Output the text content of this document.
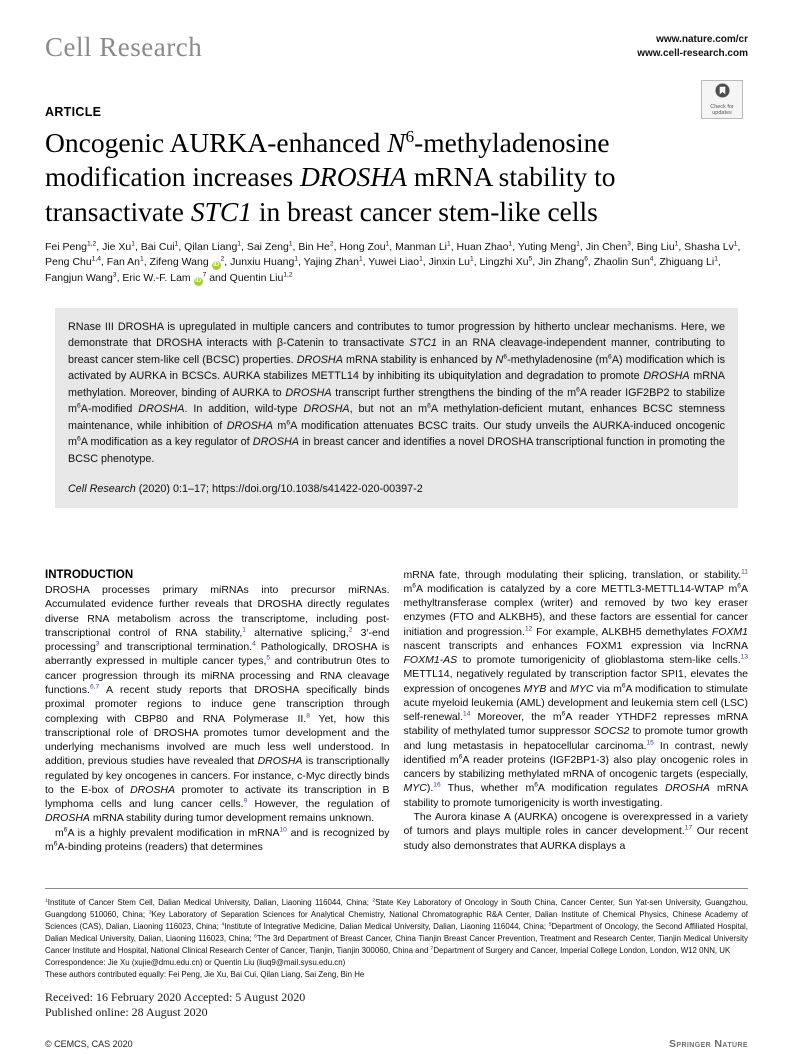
Cell Research	www.nature.com/cr
www.cell-research.com
Check for updates
ARTICLE
Oncogenic AURKA-enhanced $N^6$-methyladenosine
modification increases DROSHA mRNA stability to
transactivate STC1 in breast cancer stem-like cells

Fei Peng$^{1,2}$, Jie Xu$^1$, Bai Cui$^1$, Qilan Liang$^1$, Sai Zeng$^1$, Bin He$^2$, Hong Zou$^1$, Manman Li$^1$, Huan Zhao$^1$, Yuting Meng$^1$, Jin Chen$^3$, Bing Liu$^1$, Shasha Lv$^1$, Peng Chu$^{1,4}$, Fan An$^1$, Zifeng Wang $iD^2$, Junxiu Huang$^1$, Yajing Zhan$^1$, Yuwei Liao$^1$, Jinxin Lu$^1$, Lingzhi Xu$^5$, Jin Zhang$^6$, Zhaolin Sun$^4$, Zhiguang Li$^1$, Fangjun Wang$^3$, Eric W.-F. Lam $iD^7$ and Quentin Liu$^{1,2}$

RNase III DROSHA is upregulated in multiple cancers and contributes to tumor progression by hitherto unclear mechanisms. Here, we demonstrate that DROSHA interacts with β-Catenin to transactivate STC1 in an RNA cleavage-independent manner, contributing to breast cancer stem-like cell (BCSC) properties. DROSHA mRNA stability is enhanced by $N^6$-methyladenosine $(m^6A)$ modification which is activated by AURKA in BCSCs. AURKA stabilizes METTL14 by inhibiting its ubiquitylation and degradation to promote DROSHA mRNA methylation. Moreover, binding of AURKA to DROSHA transcript further strengthens the binding of the $m^6A$ reader IGF2BP2 to stabilize $m^6A$-modified DROSHA. In addition, wild-type DROSHA, but not an $m^6A$ methylation-deficient mutant, enhances BCSC stemness maintenance, while inhibition of DROSHA $m^6A$ modification attenuates BCSC traits. Our study unveils the AURKA-induced oncogenic $m^6A$ modification as a key regulator of DROSHA in breast cancer and identifies a novel DROSHA transcriptional function in promoting the BCSC phenotype.

Cell Research (2020) 0:1–17; https://doi.org/10.1038/s41422-020-00397-2

INTRODUCTION

DROSHA processes primary miRNAs into precursor miRNAs. Accumulated evidence further reveals that DROSHA directly regulates diverse RNA metabolism across the transcriptome, including post-transcriptional control of RNA stability,$^1$ alternative splicing,$^2$ 3′-end processing$^3$ and transcriptional termination.$^4$ Pathologically, DROSHA is aberrantly expressed in multiple cancer types,$^5$ and contributrun 0tes to cancer progression through its miRNA processing and RNA cleavage functions.$^{6,7}$ A recent study reports that DROSHA specifically binds proximal promoter regions to induce gene transcription through complexing with CBP80 and RNA Polymerase II.$^8$ Yet, how this transcriptional role of DROSHA promotes tumor development and the underlying mechanisms involved are much less well understood. In addition, previous studies have revealed that DROSHA is transcriptionally regulated by key oncogenes in cancers. For instance, c-Myc directly binds to the E-box of DROSHA promoter to activate its transcription in B lymphoma cells and lung cancer cells.$^9$ However, the regulation of DROSHA mRNA stability during tumor development remains unknown.

$m^6A$ is a highly prevalent modification in mRNA$^{10}$ and is recognized by $m^6A$-binding proteins (readers) that determines

mRNA fate, through modulating their splicing, translation, or stability.$^{11}$ $m^6A$ modification is catalyzed by a core METTL3-METTL14-WTAP $m^6A$ methyltransferase complex (writer) and removed by two key eraser enzymes (FTO and ALKBH5), and these factors are essential for cancer initiation and progression.$^{12}$ For example, ALKBH5 demethylates FOXM1 nascent transcripts and enhances FOXM1 expression via lncRNA FOXM1-AS to promote tumorigenicity of glioblastoma stem-like cells.$^{13}$ METTL14, negatively regulated by transcription factor SPI1, elevates the expression of oncogenes MYB and MYC via $m^6A$ modification to stimulate acute myeloid leukemia (AML) development and leukemia stem cell (LSC) self-renewal.$^{14}$ Moreover, the $m^6A$ reader YTHDF2 represses mRNA stability of methylated tumor suppressor SOCS2 to promote tumor growth and lung metastasis in hepatocellular carcinoma.$^{15}$ In contrast, newly identified $m^6A$ reader proteins (IGF2BP1-3) also play oncogenic roles in cancers by stabilizing methylated mRNA of oncogenic targets (especially, MYC).$^{16}$ Thus, whether $m^6A$ modification regulates DROSHA mRNA stability to promote tumorigenicity is worth investigating.

The Aurora kinase A (AURKA) oncogene is overexpressed in a variety of tumors and plays multiple roles in cancer development.$^{17}$ Our recent study also demonstrates that AURKA displays a

$^1$Institute of Cancer Stem Cell, Dalian Medical University, Dalian, Liaoning 116044, China; $^2$State Key Laboratory of Oncology in South China, Cancer Center, Sun Yat-sen University, Guangzhou, Guangdong 510060, China; $^3$Key Laboratory of Separation Sciences for Analytical Chemistry, National Chromatographic R&A Center, Dalian Institute of Chemical Physics, Chinese Academy of Sciences (CAS), Dalian, Liaoning 116023, China; $^4$Institute of Integrative Medicine, Dalian Medical University, Dalian, Liaoning 116044, China; $^5$Department of Oncology, the Second Affiliated Hospital, Dalian Medical University, Dalian, Liaoning 116023, China; $^6$The 3rd Department of Breast Cancer, China Tianjin Breast Cancer Prevention, Treatment and Research Center, Tianjin Medical University Cancer Institute and Hospital, National Clinical Research Center of Cancer, Tianjin, Tianjin 300060, China and $^7$Department of Surgery and Cancer, Imperial College London, London, W12 0NN, UK

Correspondence: Jie Xu (xujie@dmu.edu.cn) or Quentin Liu (liuq9@mail.sysu.edu.cn)

These authors contributed equally: Fei Peng, Jie Xu, Bai Cui, Qilan Liang, Sai Zeng, Bin He

Received: 16 February 2020 Accepted: 5 August 2020
Published online: 28 August 2020
© CEMCS, CAS 2020	Springer Nature
